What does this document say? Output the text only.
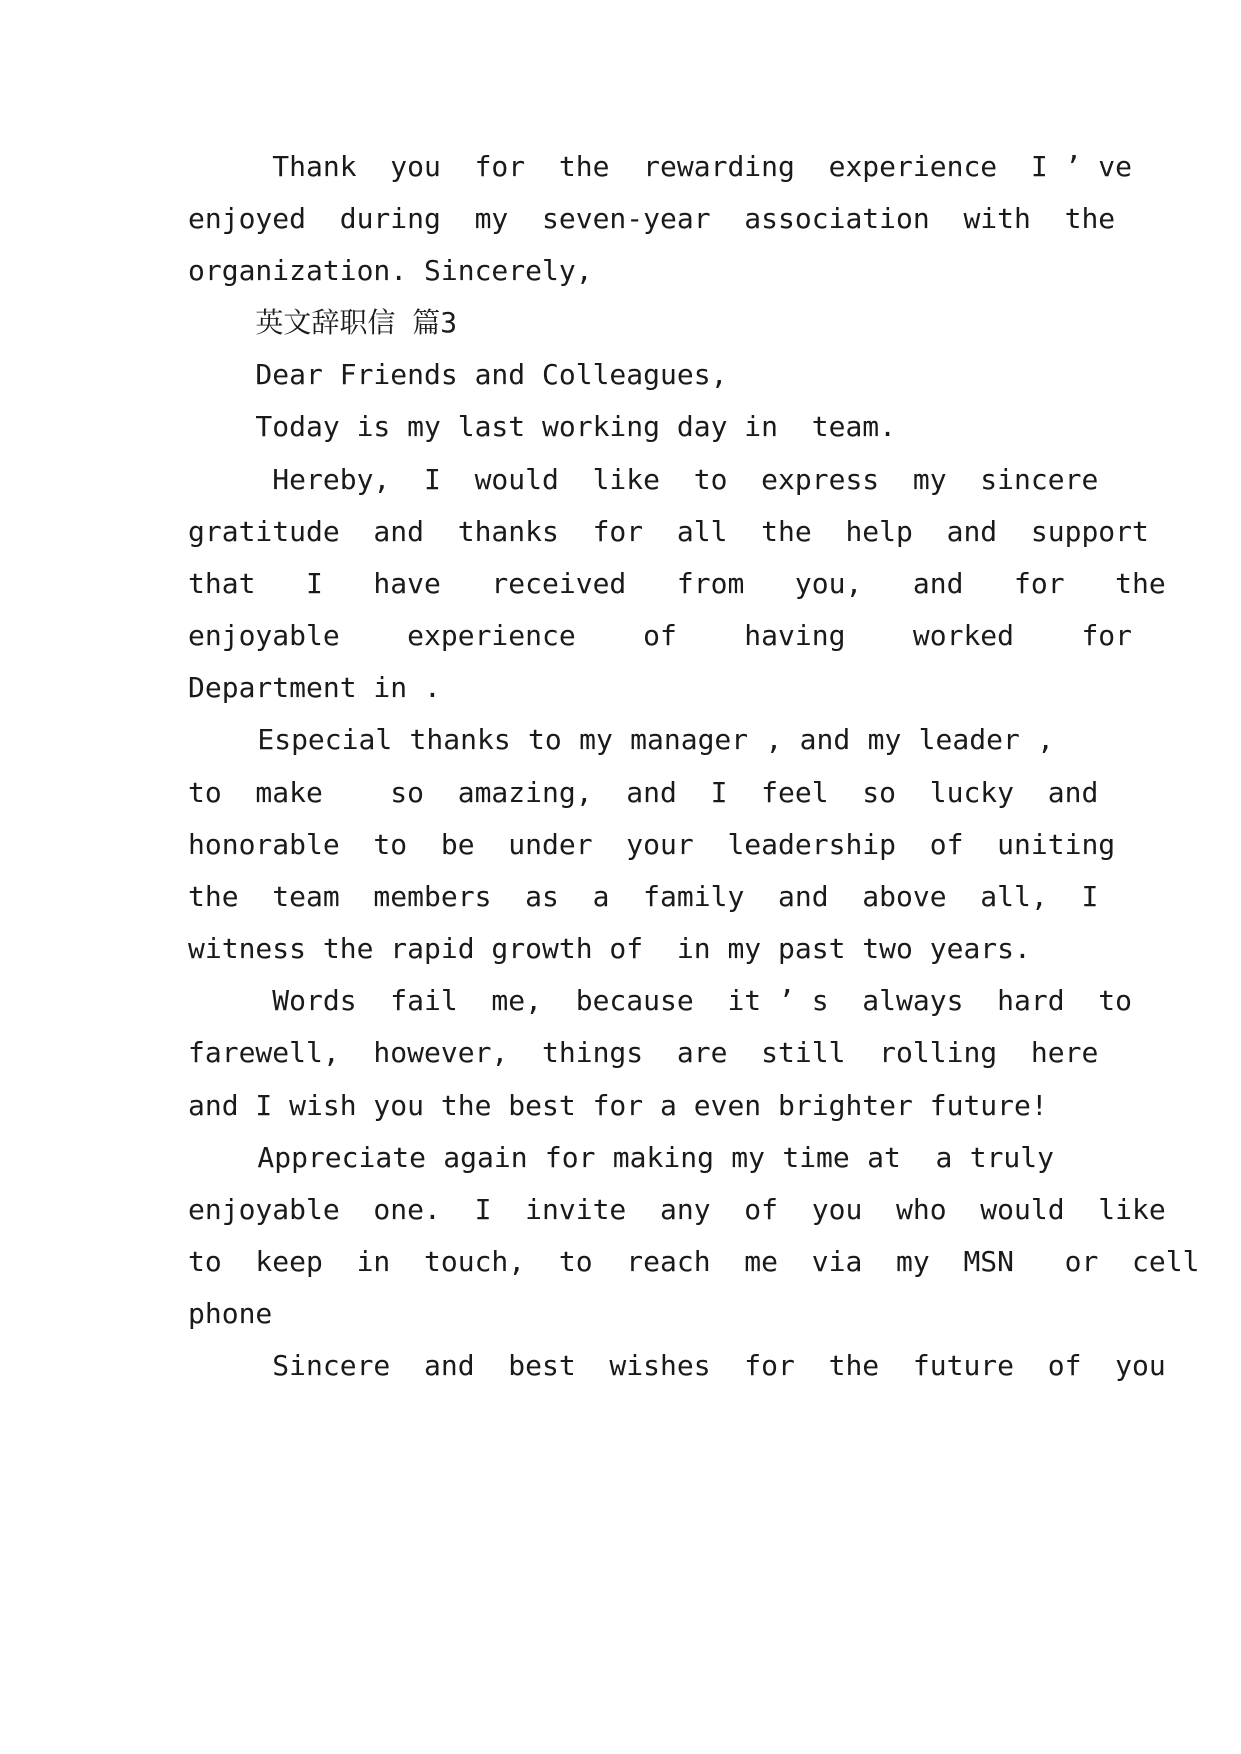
Thank  you  for  the  rewarding  experience  I ’ ve
enjoyed  during  my  seven-year  association  with  the
organization. Sincerely,
英文辞职信 篇3
Dear Friends and Colleagues,
Today is my last working day in  team.
Hereby,  I  would  like  to  express  my  sincere
gratitude  and  thanks  for  all  the  help  and  support
that   I   have   received   from   you,   and   for   the
enjoyable    experience    of    having    worked    for
Department in .
Especial thanks to my manager , and my leader ,
to  make    so  amazing,  and  I  feel  so  lucky  and
honorable  to  be  under  your  leadership  of  uniting
the  team  members  as  a  family  and  above  all,  I
witness the rapid growth of  in my past two years.
Words  fail  me,  because  it ’ s  always  hard  to
farewell,  however,  things  are  still  rolling  here
and I wish you the best for a even brighter future!
Appreciate again for making my time at  a truly
enjoyable  one.  I  invite  any  of  you  who  would  like
to  keep  in  touch,  to  reach  me  via  my  MSN   or  cell
phone
Sincere  and  best  wishes  for  the  future  of  you
